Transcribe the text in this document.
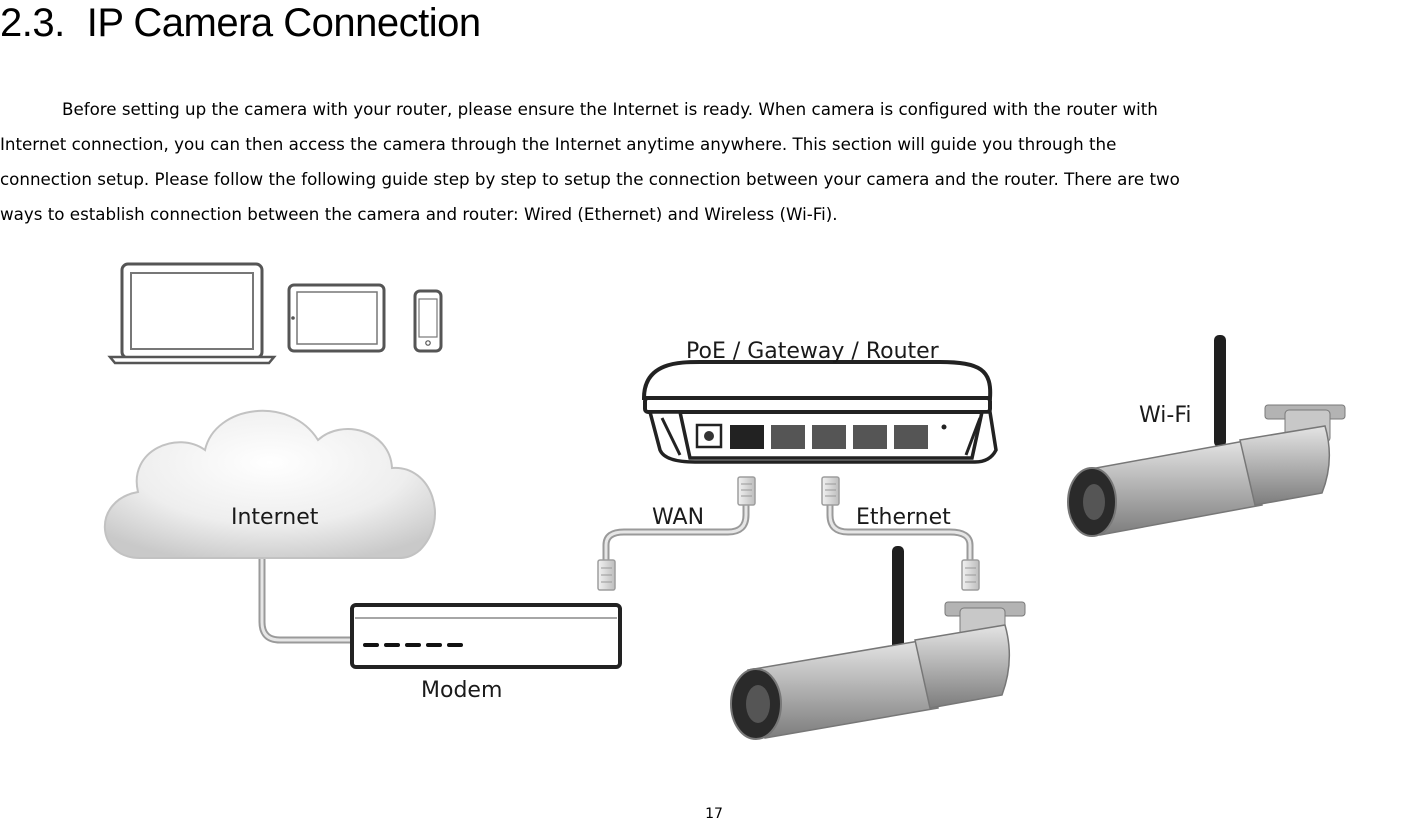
2.3. IP Camera Connection
Before setting up the camera with your router, please ensure the Internet is ready. When camera is configured with the router with
Internet connection, you can then access the camera through the Internet anytime anywhere. This section will guide you through the
connection setup. Please follow the following guide step by step to setup the connection between your camera and the router. There are two
ways to establish connection between the camera and router: Wired (Ethernet) and Wireless (Wi-Fi).
PoE / Gateway / Router
Wi-Fi
Internet	WAN	Ethernet
Modem
17
